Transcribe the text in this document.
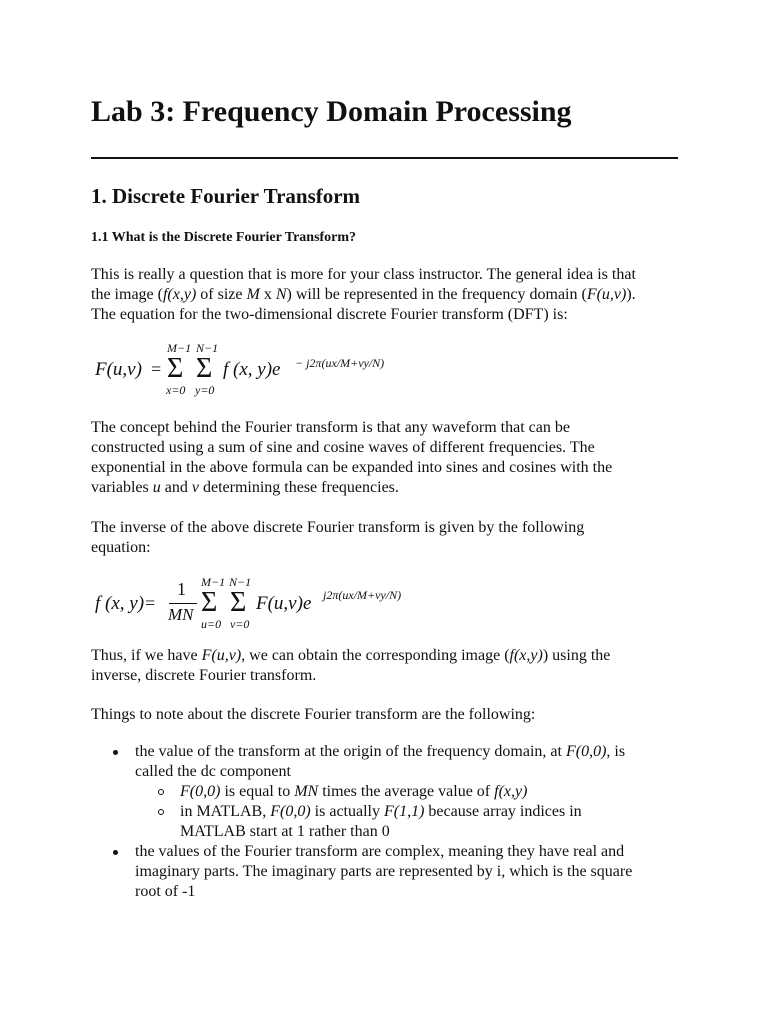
Lab 3: Frequency Domain Processing
1. Discrete Fourier Transform
1.1 What is the Discrete Fourier Transform?

This is really a question that is more for your class instructor. The general idea is that
the image (f(x,y) of size M x N) will be represented in the frequency domain (F(u,v)).
The equation for the two-dimensional discrete Fourier transform (DFT) is:

F(u,v) =
M−1 N−1
Σ Σ
x=0 y=0
f (x, y)e − j2π(ux/M+vy/N)

The concept behind the Fourier transform is that any waveform that can be
constructed using a sum of sine and cosine waves of different frequencies. The
exponential in the above formula can be expanded into sines and cosines with the
variables u and v determining these frequencies.

The inverse of the above discrete Fourier transform is given by the following
equation:

f (x, y) =
1
MN
M−1 N−1
Σ Σ
u=0 v=0
F(u,v)e j2π(ux/M+vy/N)

Thus, if we have F(u,v), we can obtain the corresponding image (f(x,y)) using the
inverse, discrete Fourier transform.

Things to note about the discrete Fourier transform are the following:

the value of the transform at the origin of the frequency domain, at F(0,0), is
called the dc component
F(0,0) is equal to MN times the average value of f(x,y)
in MATLAB, F(0,0) is actually F(1,1) because array indices in
MATLAB start at 1 rather than 0
the values of the Fourier transform are complex, meaning they have real and
imaginary parts. The imaginary parts are represented by i, which is the square
root of -1
